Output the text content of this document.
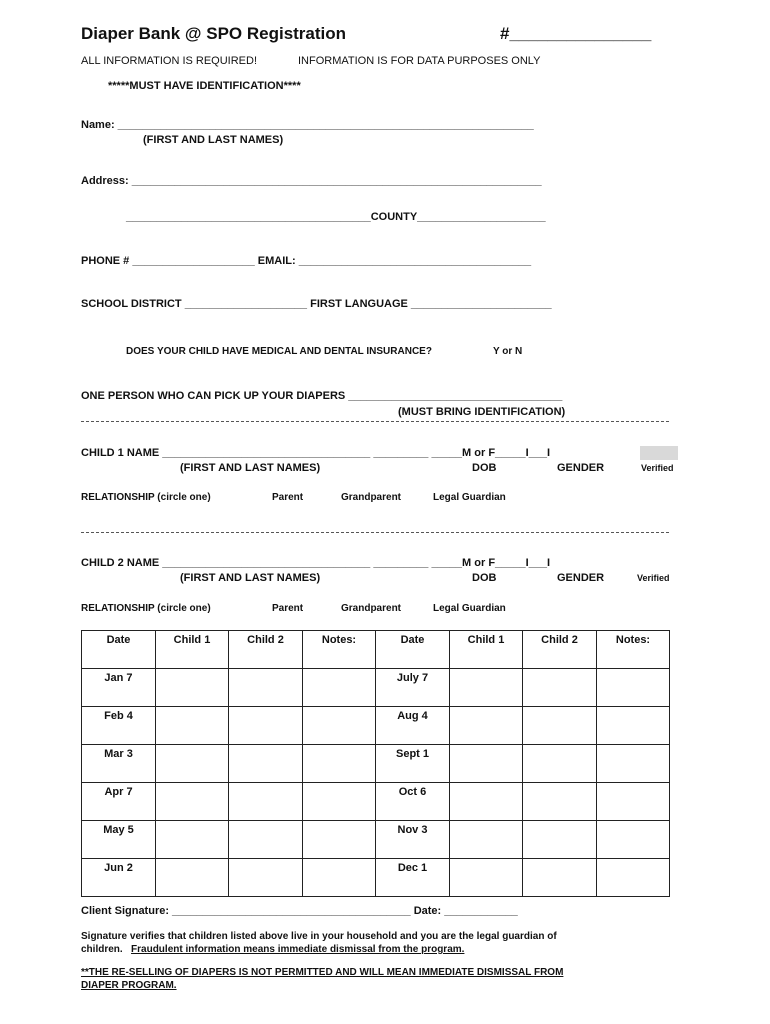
Diaper Bank @ SPO Registration	#_______________
ALL INFORMATION IS REQUIRED!	INFORMATION IS FOR DATA PURPOSES ONLY
*****MUST HAVE IDENTIFICATION****
Name: ____________________________________________________________________
(FIRST AND LAST NAMES)
Address: ___________________________________________________________________
________________________________________COUNTY_____________________
PHONE # ____________________ EMAIL: ______________________________________
SCHOOL DISTRICT ____________________ FIRST LANGUAGE _______________________
DOES YOUR CHILD HAVE MEDICAL AND DENTAL INSURANCE?	Y or N
ONE PERSON WHO CAN PICK UP YOUR DIAPERS ___________________________________
(MUST BRING IDENTIFICATION)
CHILD 1 NAME __________________________________ _________ _____M or F_____I___I
(FIRST AND LAST NAMES)	DOB	GENDER	Verified
RELATIONSHIP (circle one)	Parent	Grandparent	Legal Guardian
CHILD 2 NAME __________________________________ _________ _____M or F_____I___I
(FIRST AND LAST NAMES)	DOB	GENDER	Verified
RELATIONSHIP (circle one)	Parent	Grandparent	Legal Guardian
Date	Child 1	Child 2	Notes:	Date	Child 1	Child 2	Notes:
Jan 7				July 7			
Feb 4				Aug 4			
Mar 3				Sept 1			
Apr 7				Oct 6			
May 5				Nov 3			
Jun 2				Dec 1			
Client Signature: _______________________________________ Date: ____________
Signature verifies that children listed above live in your household and you are the legal guardian of
children. Fraudulent information means immediate dismissal from the program.
**THE RE-SELLING OF DIAPERS IS NOT PERMITTED AND WILL MEAN IMMEDIATE DISMISSAL FROM
DIAPER PROGRAM.
